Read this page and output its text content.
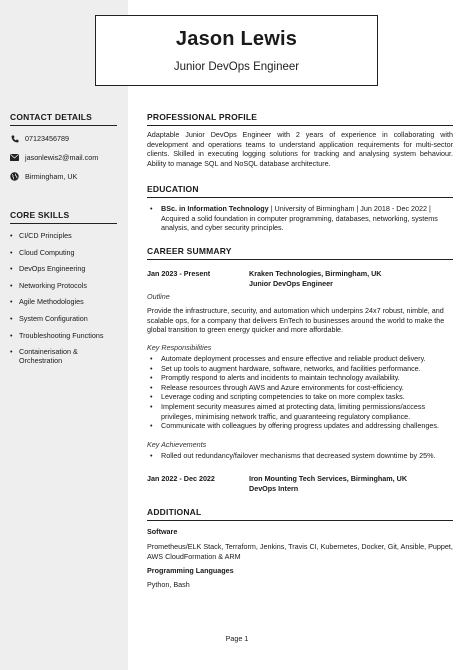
Jason Lewis
Junior DevOps Engineer
CONTACT DETAILS
07123456789
jasonlewis2@mail.com
Birmingham, UK
CORE SKILLS
• CI/CD Principles
• Cloud Computing
• DevOps Engineering
• Networking Protocols
• Agile Methodologies
• System Configuration
• Troubleshooting Functions
• Containerisation & Orchestration
PROFESSIONAL PROFILE
Adaptable Junior DevOps Engineer with 2 years of experience in collaborating with development and operations teams to understand application requirements for multi-sector clients. Skilled in executing logging solutions for tracking and analysing system behaviour. Ability to manage SQL and NoSQL database architecture.
EDUCATION
• BSc. in Information Technology | University of Birmingham | Jun 2018 - Dec 2022 | Acquired a solid foundation in computer programming, databases, networking, systems analysis, and cyber security principles.
CAREER SUMMARY
Jan 2023 - Present	Kraken Technologies, Birmingham, UK
Junior DevOps Engineer
Outline
Provide the infrastructure, security, and automation which underpins 24x7 robust, nimble, and scalable ops, for a company that delivers EnTech to businesses around the world to make the global transition to green energy quicker and more affordable.
Key Responsibilities
• Automate deployment processes and ensure effective and reliable product delivery.
• Set up tools to augment hardware, software, networks, and facilities performance.
• Promptly respond to alerts and incidents to maintain technology availability.
• Release resources through AWS and Azure environments for cost-efficiency.
• Leverage coding and scripting competencies to take on more complex tasks.
• Implement security measures aimed at protecting data, limiting permissions/access privileges, minimising network traffic, and guaranteeing regulatory compliance.
• Communicate with colleagues by offering progress updates and addressing challenges.
Key Achievements
• Rolled out redundancy/failover mechanisms that decreased system downtime by 25%.
Jan 2022 - Dec 2022	Iron Mounting Tech Services, Birmingham, UK
DevOps Intern
ADDITIONAL
Software
Prometheus/ELK Stack, Terraform, Jenkins, Travis CI, Kubernetes, Docker, Git, Ansible, Puppet, AWS CloudFormation & ARM
Programming Languages
Python, Bash
Page 1
